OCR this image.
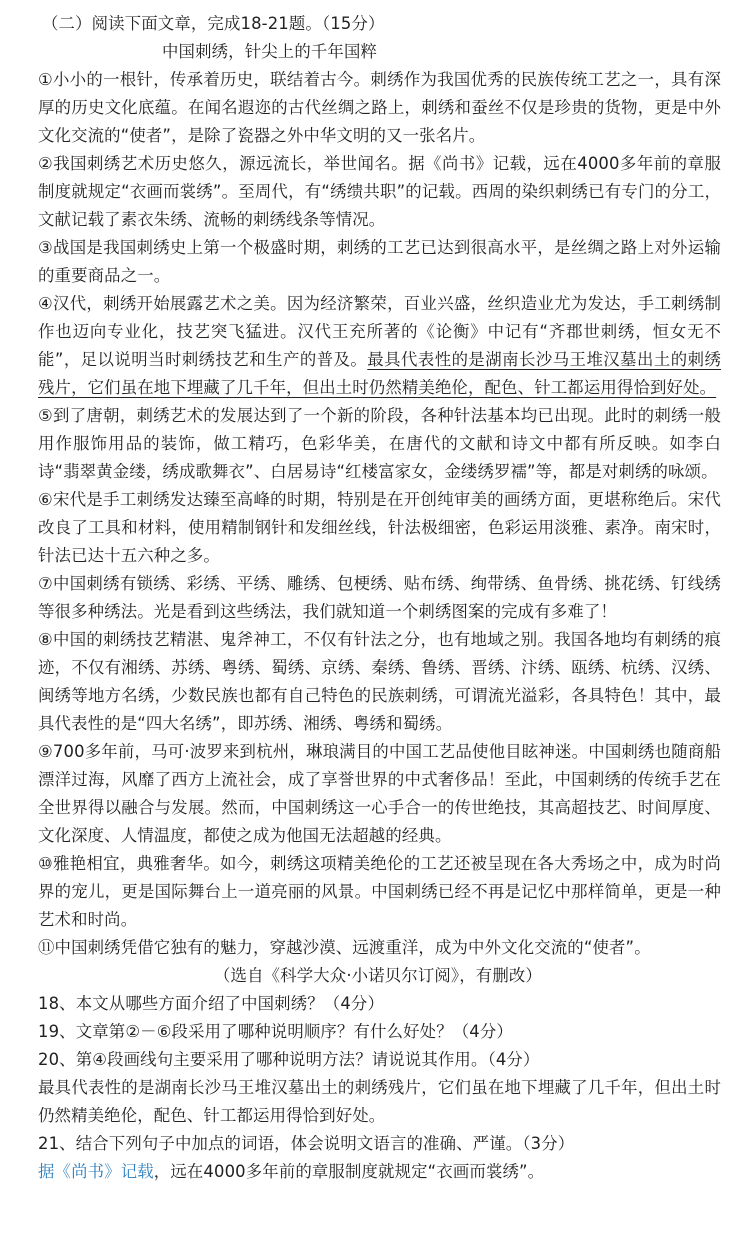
（二）阅读下面文章，完成18-21题。（15分）

中国刺绣，针尖上的千年国粹

①小小的一根针，传承着历史，联结着古今。刺绣作为我国优秀的民族传统工艺之一，具有深厚的历史文化底蕴。在闻名遐迩的古代丝绸之路上，刺绣和蚕丝不仅是珍贵的货物，更是中外文化交流的“使者”，是除了瓷器之外中华文明的又一张名片。

②我国刺绣艺术历史悠久，源远流长，举世闻名。据《尚书》记载，远在4000多年前的章服制度就规定“衣画而裳绣”。至周代，有“绣缋共职”的记载。西周的染织刺绣已有专门的分工，文献记载了素衣朱绣、流畅的刺绣线条等情况。

③战国是我国刺绣史上第一个极盛时期，刺绣的工艺已达到很高水平，是丝绸之路上对外运输的重要商品之一。

④汉代，刺绣开始展露艺术之美。因为经济繁荣，百业兴盛，丝织造业尤为发达，手工刺绣制作也迈向专业化，技艺突飞猛进。汉代王充所著的《论衡》中记有“齐郡世刺绣，恒女无不能”，足以说明当时刺绣技艺和生产的普及。最具代表性的是湖南长沙马王堆汉墓出土的刺绣残片，它们虽在地下埋藏了几千年，但出土时仍然精美绝伦，配色、针工都运用得恰到好处。

⑤到了唐朝，刺绣艺术的发展达到了一个新的阶段，各种针法基本均已出现。此时的刺绣一般用作服饰用品的装饰，做工精巧，色彩华美，在唐代的文献和诗文中都有所反映。如李白诗“翡翠黄金缕，绣成歌舞衣”、白居易诗“红楼富家女，金缕绣罗襦”等，都是对刺绣的咏颂。

⑥宋代是手工刺绣发达臻至高峰的时期，特别是在开创纯审美的画绣方面，更堪称绝后。宋代改良了工具和材料，使用精制钢针和发细丝线，针法极细密，色彩运用淡雅、素净。南宋时，针法已达十五六种之多。

⑦中国刺绣有锁绣、彩绣、平绣、雕绣、包梗绣、贴布绣、绚带绣、鱼骨绣、挑花绣、钉线绣等很多种绣法。光是看到这些绣法，我们就知道一个刺绣图案的完成有多难了！

⑧中国的刺绣技艺精湛、鬼斧神工，不仅有针法之分，也有地域之别。我国各地均有刺绣的痕迹，不仅有湘绣、苏绣、粤绣、蜀绣、京绣、秦绣、鲁绣、晋绣、汴绣、瓯绣、杭绣、汉绣、闽绣等地方名绣，少数民族也都有自己特色的民族刺绣，可谓流光溢彩，各具特色！其中，最具代表性的是“四大名绣”，即苏绣、湘绣、粤绣和蜀绣。

⑨700多年前，马可·波罗来到杭州，琳琅满目的中国工艺品使他目眩神迷。中国刺绣也随商船漂洋过海，风靡了西方上流社会，成了享誉世界的中式奢侈品！至此，中国刺绣的传统手艺在全世界得以融合与发展。然而，中国刺绣这一心手合一的传世绝技，其高超技艺、时间厚度、文化深度、人情温度，都使之成为他国无法超越的经典。

⑩雅艳相宜，典雅奢华。如今，刺绣这项精美绝伦的工艺还被呈现在各大秀场之中，成为时尚界的宠儿，更是国际舞台上一道亮丽的风景。中国刺绣已经不再是记忆中那样简单，更是一种艺术和时尚。

⑪中国刺绣凭借它独有的魅力，穿越沙漠、远渡重洋，成为中外文化交流的“使者”。

（选自《科学大众·小诺贝尔订阅》，有删改）

18、本文从哪些方面介绍了中国刺绣？（4分）

19、文章第②－⑥段采用了哪种说明顺序？有什么好处？（4分）

20、第④段画线句主要采用了哪种说明方法？请说说其作用。（4分）

最具代表性的是湖南长沙马王堆汉墓出土的刺绣残片，它们虽在地下埋藏了几千年，但出土时仍然精美绝伦，配色、针工都运用得恰到好处。

21、结合下列句子中加点的词语，体会说明文语言的准确、严谨。（3分）

据《尚书》记载，远在4000多年前的章服制度就规定“衣画而裳绣”。
